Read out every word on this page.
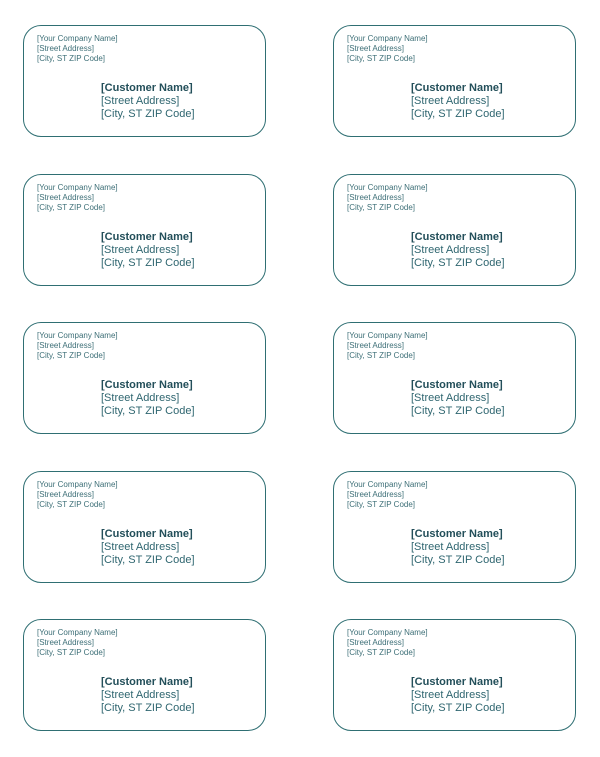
[Your Company Name]
[Street Address]
[City, ST ZIP Code]
[Customer Name]
[Street Address]
[City, ST ZIP Code]
[Your Company Name]
[Street Address]
[City, ST ZIP Code]
[Customer Name]
[Street Address]
[City, ST ZIP Code]
[Your Company Name]
[Street Address]
[City, ST ZIP Code]
[Customer Name]
[Street Address]
[City, ST ZIP Code]
[Your Company Name]
[Street Address]
[City, ST ZIP Code]
[Customer Name]
[Street Address]
[City, ST ZIP Code]
[Your Company Name]
[Street Address]
[City, ST ZIP Code]
[Customer Name]
[Street Address]
[City, ST ZIP Code]
[Your Company Name]
[Street Address]
[City, ST ZIP Code]
[Customer Name]
[Street Address]
[City, ST ZIP Code]
[Your Company Name]
[Street Address]
[City, ST ZIP Code]
[Customer Name]
[Street Address]
[City, ST ZIP Code]
[Your Company Name]
[Street Address]
[City, ST ZIP Code]
[Customer Name]
[Street Address]
[City, ST ZIP Code]
[Your Company Name]
[Street Address]
[City, ST ZIP Code]
[Customer Name]
[Street Address]
[City, ST ZIP Code]
[Your Company Name]
[Street Address]
[City, ST ZIP Code]
[Customer Name]
[Street Address]
[City, ST ZIP Code]
